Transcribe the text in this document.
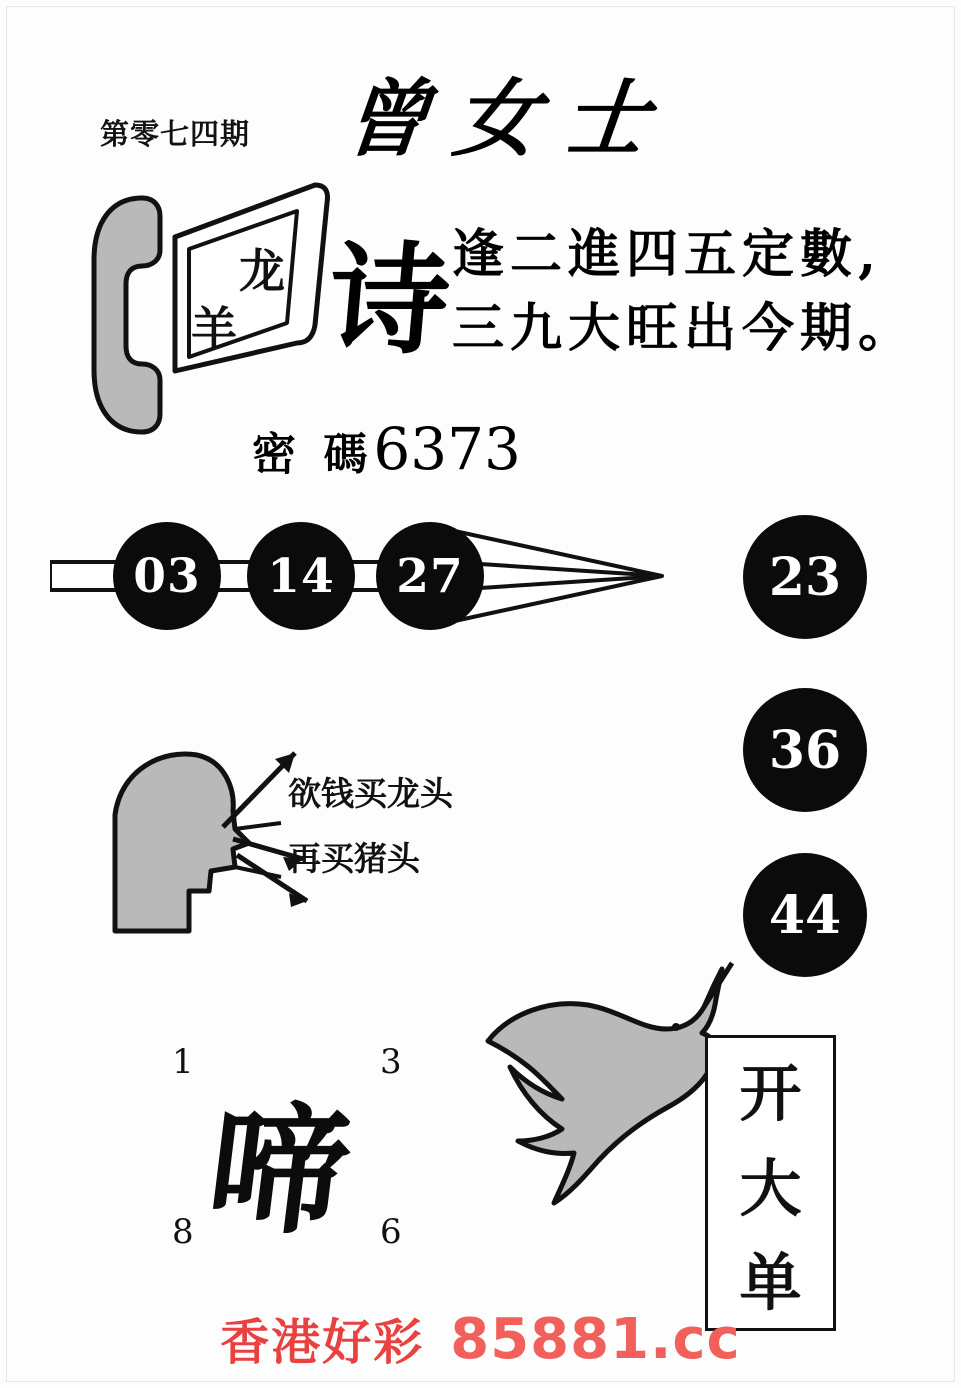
第零七四期 曾女士
龙
羊 诗
逢二進四五定數,
三九大旺出今期。
密 碼 6373
03	14	27	23
36
44
欲钱买龙头
再买猪头
1	3
8	6
啼	开
大
单
香港好彩 85881.cc
